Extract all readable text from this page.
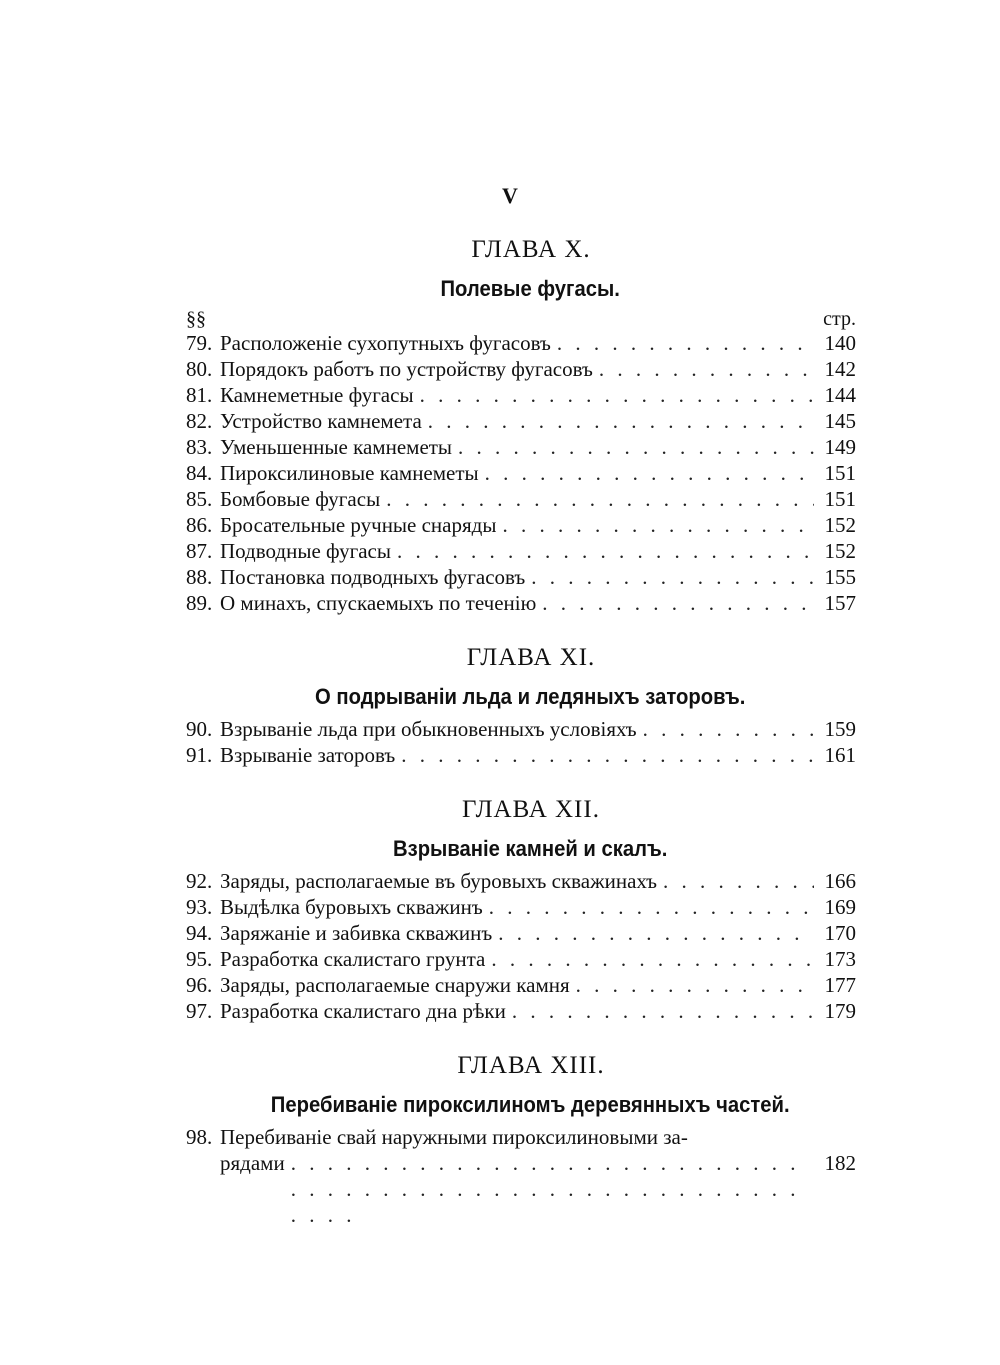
V
ГЛАВА X.
Полевые фугасы.
§§	стр.
79. Расположеніе сухопутныхъ фугасовъ . . .	140
80. Порядокъ работъ по устройству фугасовъ . . .	142
81. Камнеметные фугасы . . .	144
82. Устройство камнемета . . .	145
83. Уменьшенные камнеметы . . .	149
84. Пироксилиновые камнеметы . . .	151
85. Бомбовые фугасы . . .	151
86. Бросательные ручные снаряды . . .	152
87. Подводные фугасы . . .	152
88. Постановка подводныхъ фугасовъ . . .	155
89. О минахъ, спускаемыхъ по теченію . . .	157
ГЛАВА XI.
О подрываніи льда и ледяныхъ заторовъ.
90. Взрываніе льда при обыкновенныхъ условіяхъ . . .	159
91. Взрываніе заторовъ . . .	161
ГЛАВА XII.
Взрываніе камней и скалъ.
92. Заряды, располагаемые въ буровыхъ скважинахъ . . .	166
93. Выдѣлка буровыхъ скважинъ . . .	169
94. Заряжаніе и забивка скважинъ . . .	170
95. Разработка скалистаго грунта . . .	173
96. Заряды, располагаемые снаружи камня . . .	177
97. Разработка скалистаго дна рѣки . . .	179
ГЛАВА XIII.
Перебиваніе пироксилиномъ деревянныхъ частей.
98. Перебиваніе свай наружными пироксилиновыми за-
рядами . . .	182
